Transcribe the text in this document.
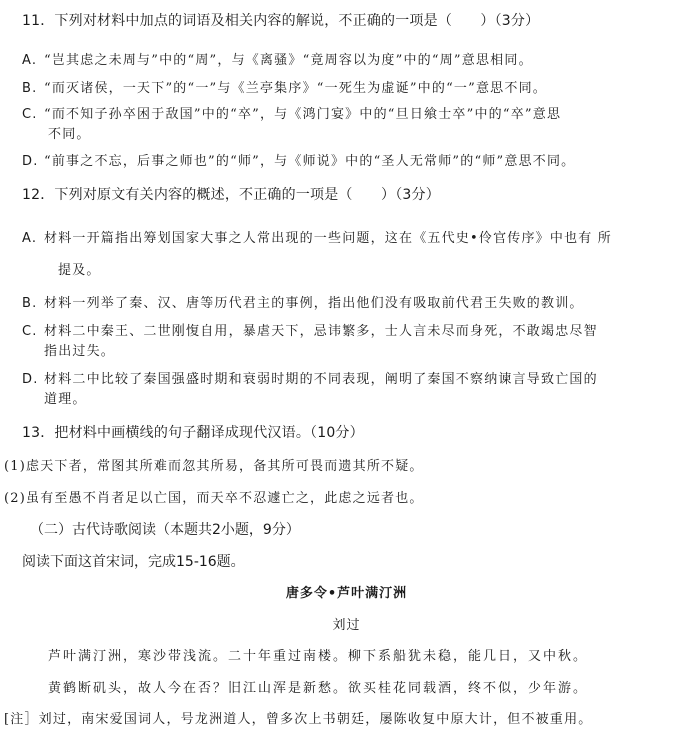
11．下列对材料中加点的词语及相关内容的解说，不正确的一项是（　　）（3分）
A. “岂其虑之未周与”中的“周”，与《离骚》“竟周容以为度”中的“周”意思相同。
B. “而灭诸侯，一天下”的“一”与《兰亭集序》“一死生为虚诞”中的“一”意思不同。
C. “而不知子孙卒困于敌国”中的“卒”，与《鸿门宴》中的“旦日飨士卒”中的“卒”意思
不同。
D. “前事之不忘，后事之师也”的“师”，与《师说》中的“圣人无常师”的“师”意思不同。
12．下列对原文有关内容的概述，不正确的一项是（　　）（3分）
A. 材料一开篇指出筹划国家大事之人常出现的一些问题，这在《五代史•伶官传序》中也有 所
提及。
B. 材料一列举了秦、汉、唐等历代君主的事例，指出他们没有吸取前代君王失败的教训。
C. 材料二中秦王、二世刚愎自用，暴虐天下，忌讳繁多，士人言未尽而身死，不敢竭忠尽智
指出过失。
D. 材料二中比较了秦国强盛时期和衰弱时期的不同表现，阐明了秦国不察纳谏言导致亡国的
道理。
13．把材料中画横线的句子翻译成现代汉语。（10分）
(1)虑天下者，常图其所难而忽其所易，备其所可畏而遗其所不疑。
(2)虽有至愚不肖者足以亡国，而天卒不忍遽亡之，此虑之远者也。
（二）古代诗歌阅读（本题共2小题，9分）
阅读下面这首宋词，完成15-16题。
唐多令•芦叶满汀洲
刘过
芦叶满汀洲，寒沙带浅流。二十年重过南楼。柳下系船犹未稳，能几日，又中秋。
黄鹤断矶头，故人今在否？旧江山浑是新愁。欲买桂花同载酒，终不似，少年游。
[注］刘过，南宋爱国词人，号龙洲道人，曾多次上书朝廷，屡陈收复中原大计，但不被重用。
